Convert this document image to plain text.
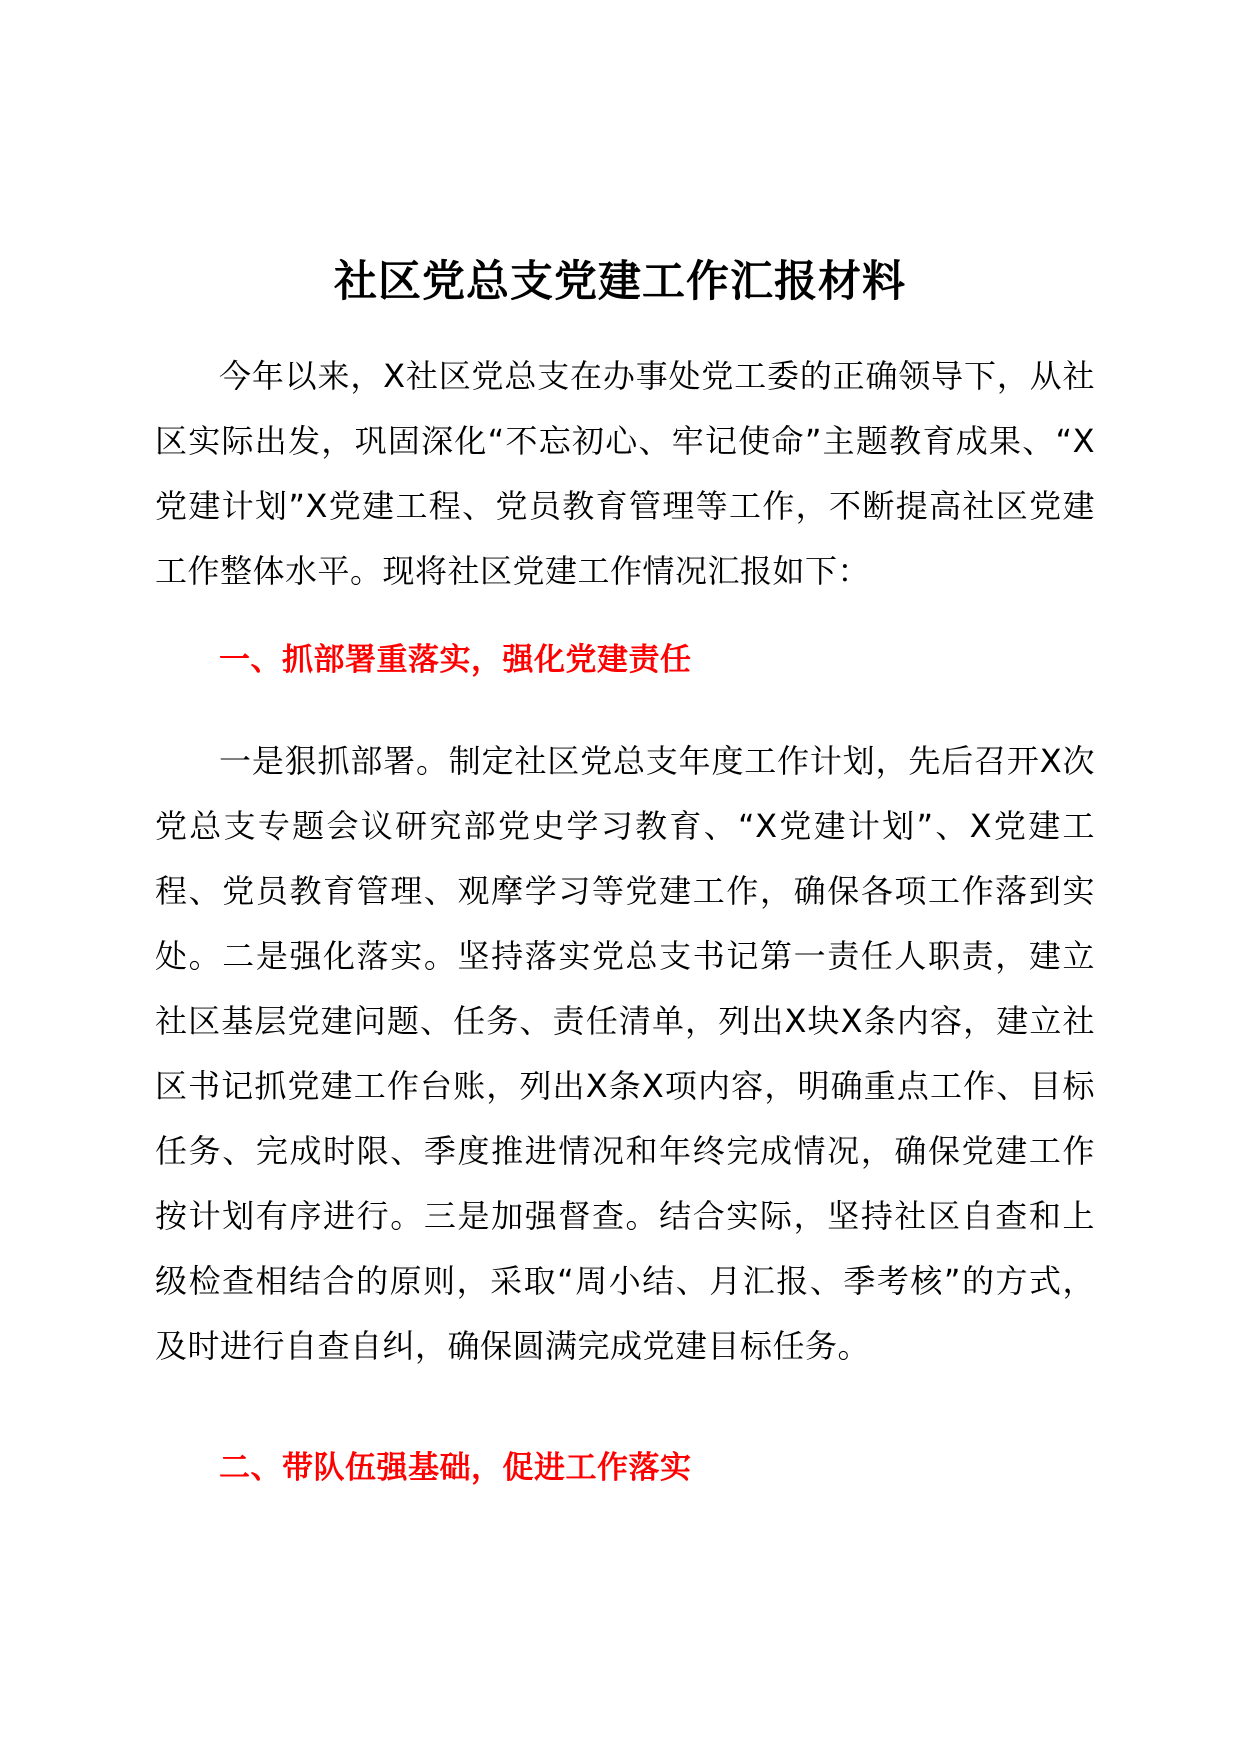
社区党总支党建工作汇报材料

今年以来，X社区党总支在办事处党工委的正确领导下，从社区实际出发，巩固深化“不忘初心、牢记使命”主题教育成果、“X党建计划”X党建工程、党员教育管理等工作，不断提高社区党建工作整体水平。现将社区党建工作情况汇报如下：

一、抓部署重落实，强化党建责任

一是狠抓部署。制定社区党总支年度工作计划，先后召开X次党总支专题会议研究部党史学习教育、“X党建计划”、X党建工程、党员教育管理、观摩学习等党建工作，确保各项工作落到实处。二是强化落实。坚持落实党总支书记第一责任人职责，建立社区基层党建问题、任务、责任清单，列出X块X条内容，建立社区书记抓党建工作台账，列出X条X项内容，明确重点工作、目标任务、完成时限、季度推进情况和年终完成情况，确保党建工作按计划有序进行。三是加强督查。结合实际，坚持社区自查和上级检查相结合的原则，采取“周小结、月汇报、季考核”的方式，及时进行自查自纠，确保圆满完成党建目标任务。

二、带队伍强基础，促进工作落实
